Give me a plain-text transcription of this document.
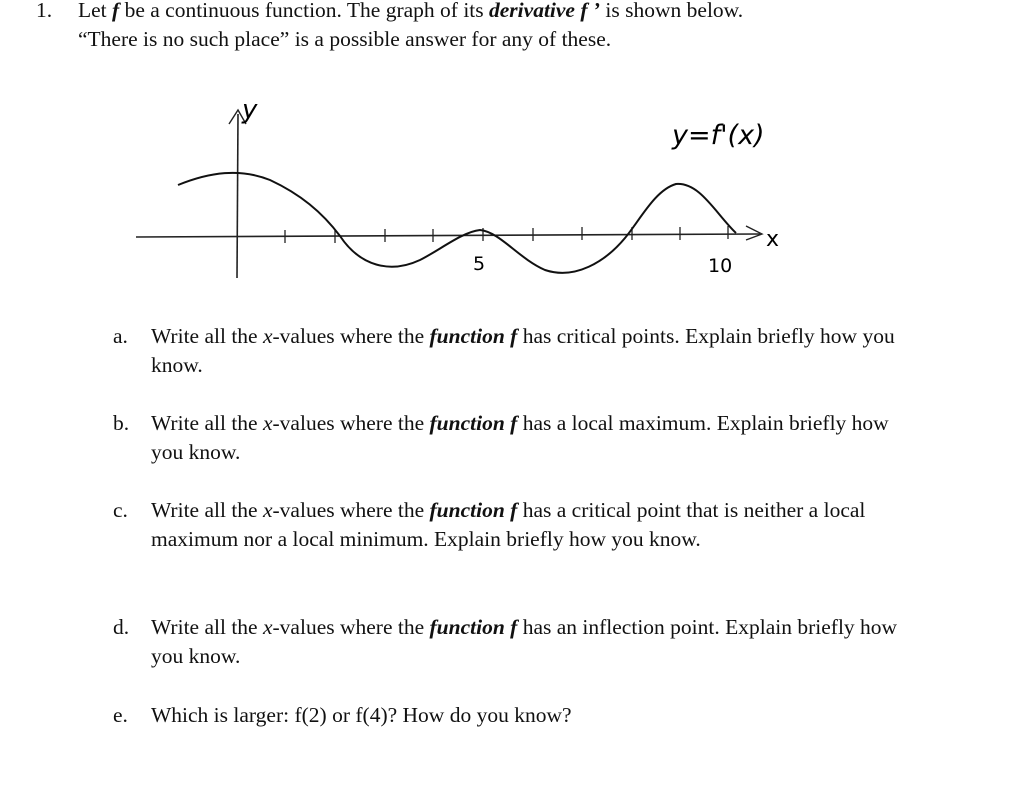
1. Let f be a continuous function. The graph of its derivative f ’ is shown below.
“There is no such place” is a possible answer for any of these.
y
x
y=f'(x)
5	10
a. Write all the x-values where the function f has critical points. Explain briefly how you know.
b. Write all the x-values where the function f has a local maximum. Explain briefly how you know.
c. Write all the x-values where the function f has a critical point that is neither a local maximum nor a local minimum. Explain briefly how you know.
d. Write all the x-values where the function f has an inflection point. Explain briefly how you know.
e. Which is larger: f(2) or f(4)? How do you know?
